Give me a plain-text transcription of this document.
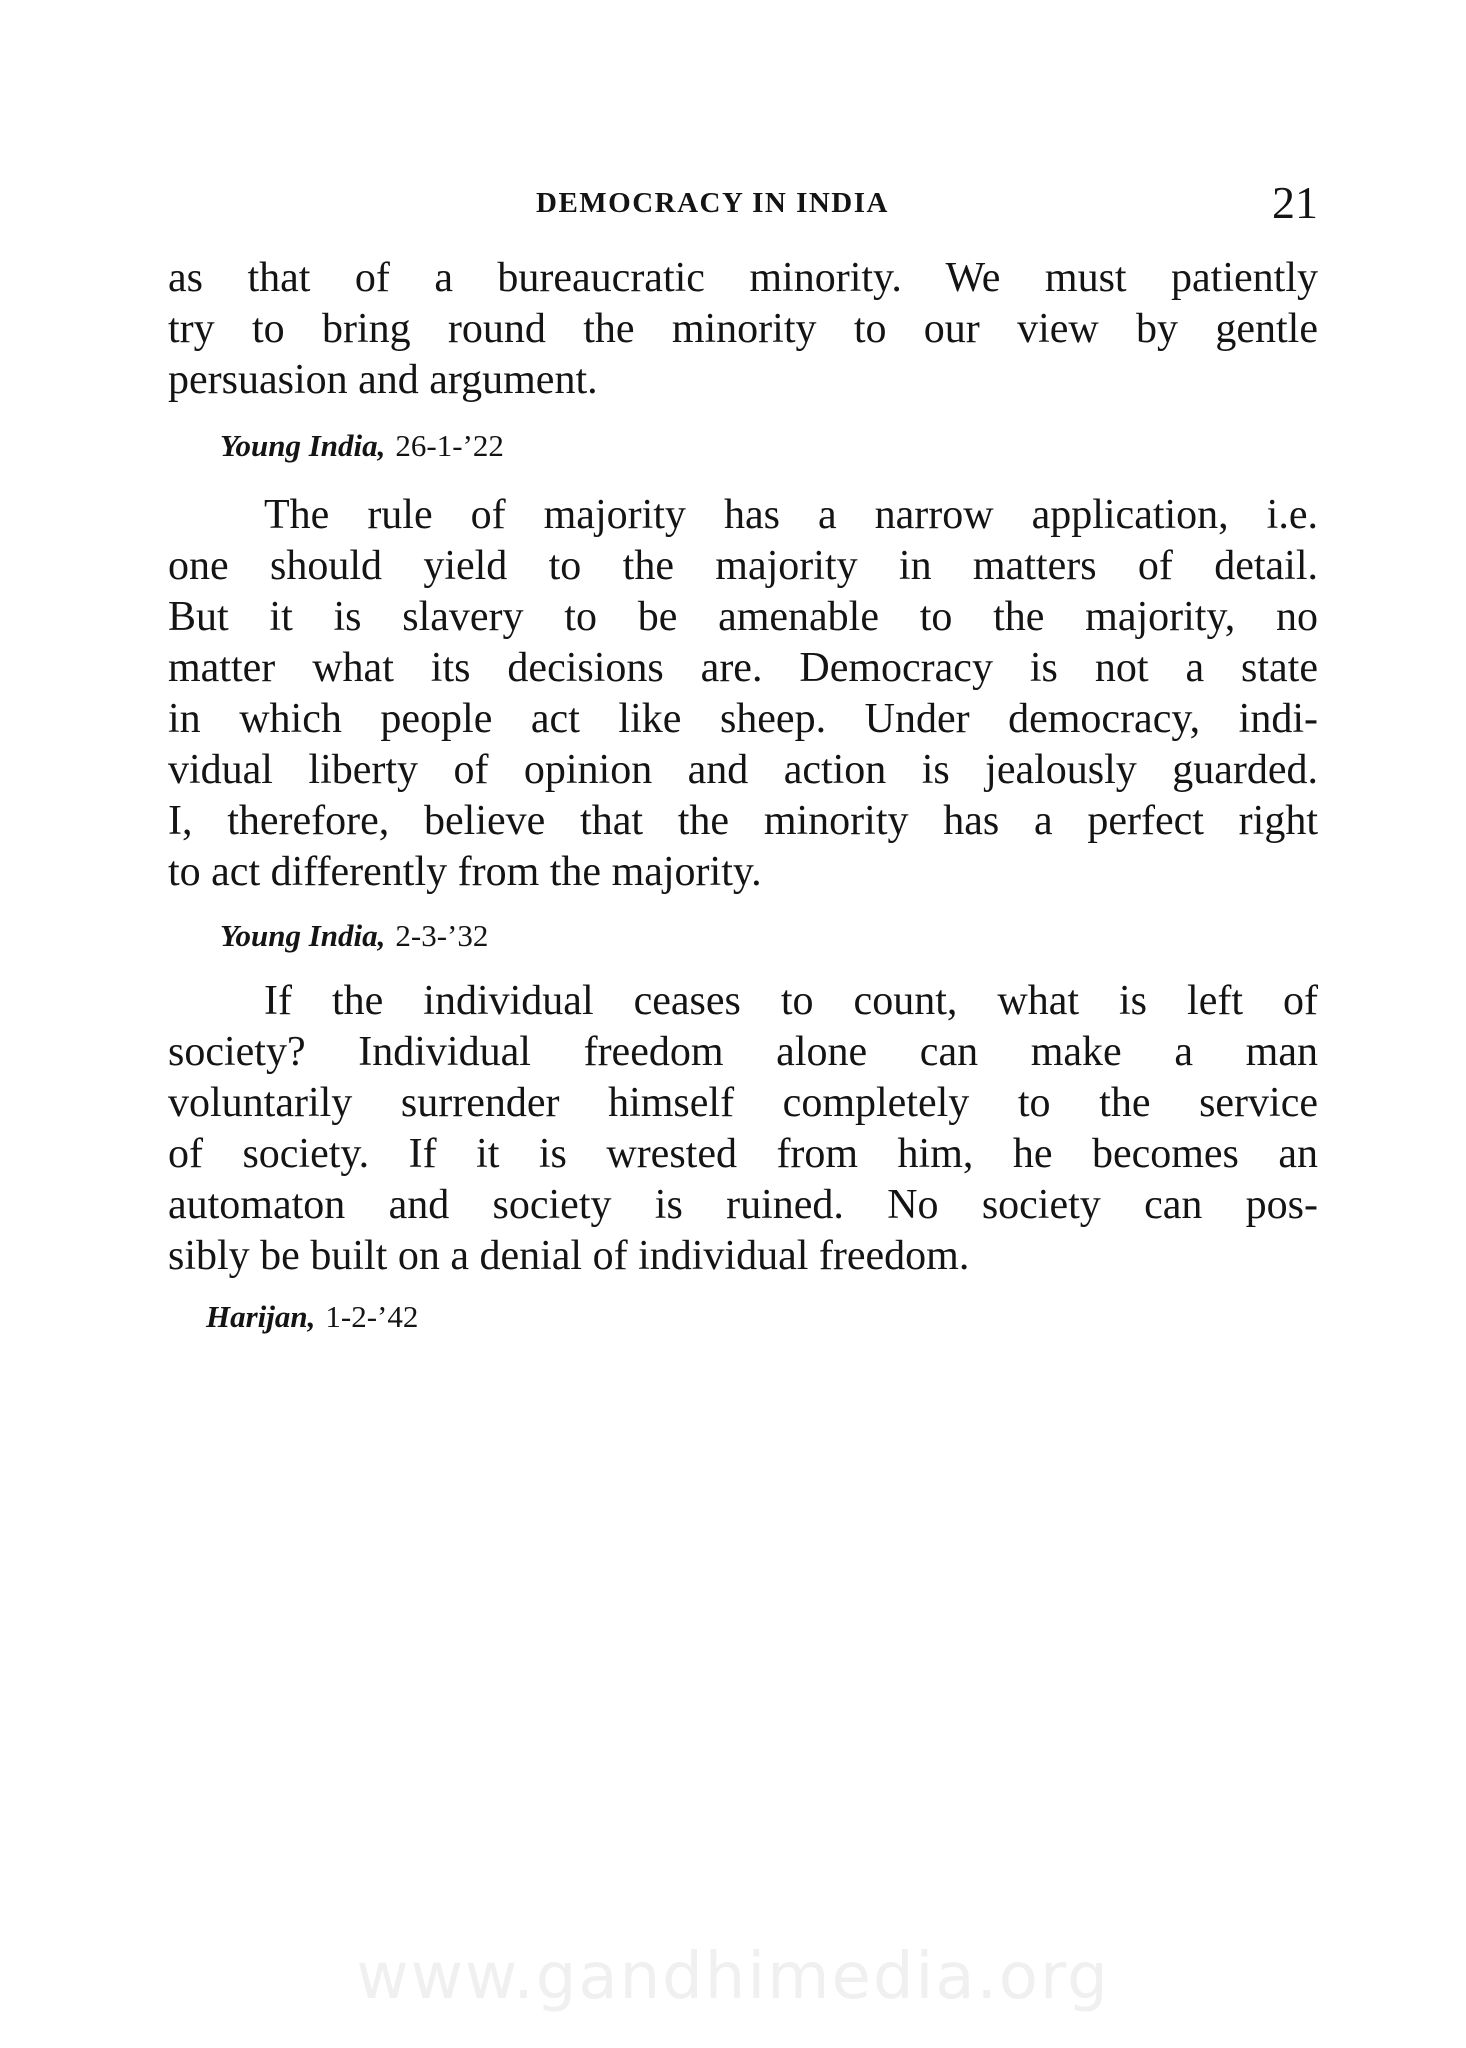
DEMOCRACY IN INDIA	21
as that of a bureaucratic minority. We must patiently
try to bring round the minority to our view by gentle
persuasion and argument.
Young India, 26-1-’22
The rule of majority has a narrow application, i.e.
one should yield to the majority in matters of detail.
But it is slavery to be amenable to the majority, no
matter what its decisions are. Democracy is not a state
in which people act like sheep. Under democracy, indi-
vidual liberty of opinion and action is jealously guarded.
I, therefore, believe that the minority has a perfect right
to act differently from the majority.
Young India, 2-3-’32
If the individual ceases to count, what is left of
society? Individual freedom alone can make a man
voluntarily surrender himself completely to the service
of society. If it is wrested from him, he becomes an
automaton and society is ruined. No society can pos-
sibly be built on a denial of individual freedom.
Harijan, 1-2-’42
www.gandhimedia.org
